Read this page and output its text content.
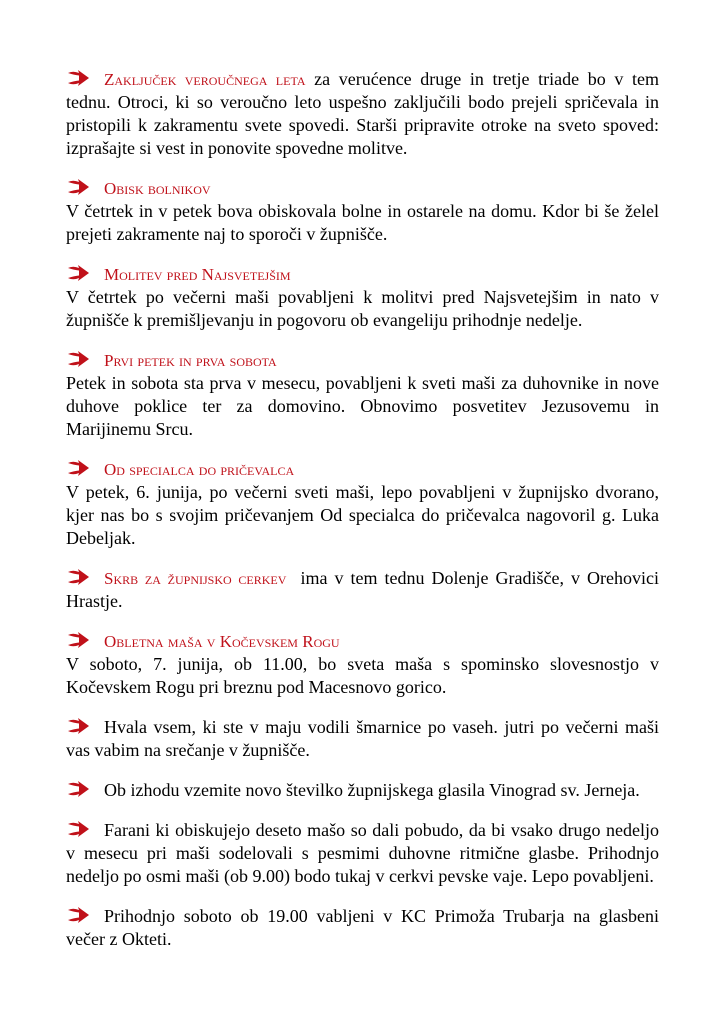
Zaključek veroučnega leta za verućence druge in tretje triade bo v tem tednu. Otroci, ki so veroučno leto uspešno zaključili bodo prejeli spričevala in pristopili k zakramentu svete spovedi. Starši pripravite otroke na sveto spoved: izprašajte si vest in ponovite spovedne molitve.
Obisk bolnikov
V četrtek in v petek bova obiskovala bolne in ostarele na domu. Kdor bi še želel prejeti zakramente naj to sporoči v župnišče.
Molitev pred Najsvetejšim
V četrtek po večerni maši povabljeni k molitvi pred Najsvetejšim in nato v župnišče k premišljevanju in pogovoru ob evangeliju prihodnje nedelje.
Prvi petek in prva sobota
Petek in sobota sta prva v mesecu, povabljeni k sveti maši za duhovnike in nove duhove poklice ter za domovino. Obnovimo posvetitev Jezusovemu in Marijinemu Srcu.
Od specialca do pričevalca
V petek, 6. junija, po večerni sveti maši, lepo povabljeni v župnijsko dvorano, kjer nas bo s svojim pričevanjem Od specialca do pričevalca nagovoril g. Luka Debeljak.
Skrb za župnijsko cerkev  ima v tem tednu Dolenje Gradišče, v Orehovici Hrastje.
Obletna maša v Kočevskem Rogu
V soboto, 7. junija, ob 11.00, bo sveta maša s spominsko slovesnostjo v Kočevskem Rogu pri breznu pod Macesnovo gorico.
Hvala vsem, ki ste v maju vodili šmarnice po vaseh. jutri po večerni maši vas vabim na srečanje v župnišče.
Ob izhodu vzemite novo številko župnijskega glasila Vinograd sv. Jerneja.
Farani ki obiskujejo deseto mašo so dali pobudo, da bi vsako drugo nedeljo v mesecu pri maši sodelovali s pesmimi duhovne ritmične glasbe. Prihodnjo nedeljo po osmi maši (ob 9.00) bodo tukaj v cerkvi pevske vaje. Lepo povabljeni.
Prihodnjo soboto ob 19.00 vabljeni v KC Primoža Trubarja na glasbeni večer z Okteti.
